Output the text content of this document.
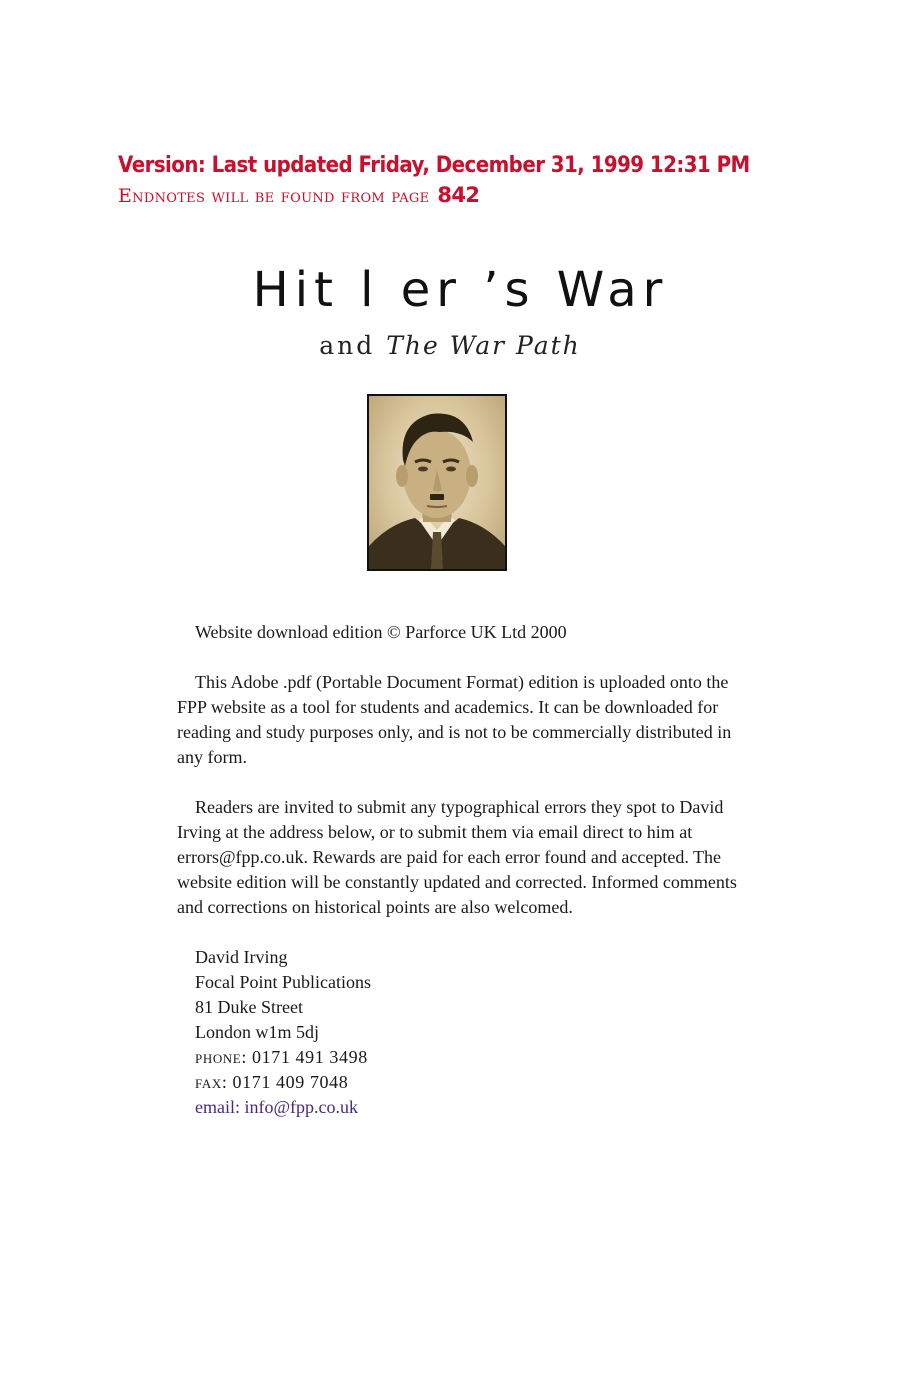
Version: Last updated Friday, December 31, 1999 12:31 PM
Endnotes will be found from page 842
Hit l er ’s War
and The War Path

Website download edition © Parforce UK Ltd 2000

This Adobe .pdf (Portable Document Format) edition is uploaded onto the FPP website as a tool for students and academics. It can be downloaded for reading and study purposes only, and is not to be commercially distributed in any form.

Readers are invited to submit any typographical errors they spot to David Irving at the address below, or to submit them via email direct to him at errors@fpp.co.uk. Rewards are paid for each error found and accepted. The website edition will be constantly updated and corrected. Informed comments and corrections on historical points are also welcomed.

David Irving
Focal Point Publications
81 Duke Street
London w1m 5dj
phone: 0171 491 3498
fax: 0171 409 7048
email: info@fpp.co.uk
